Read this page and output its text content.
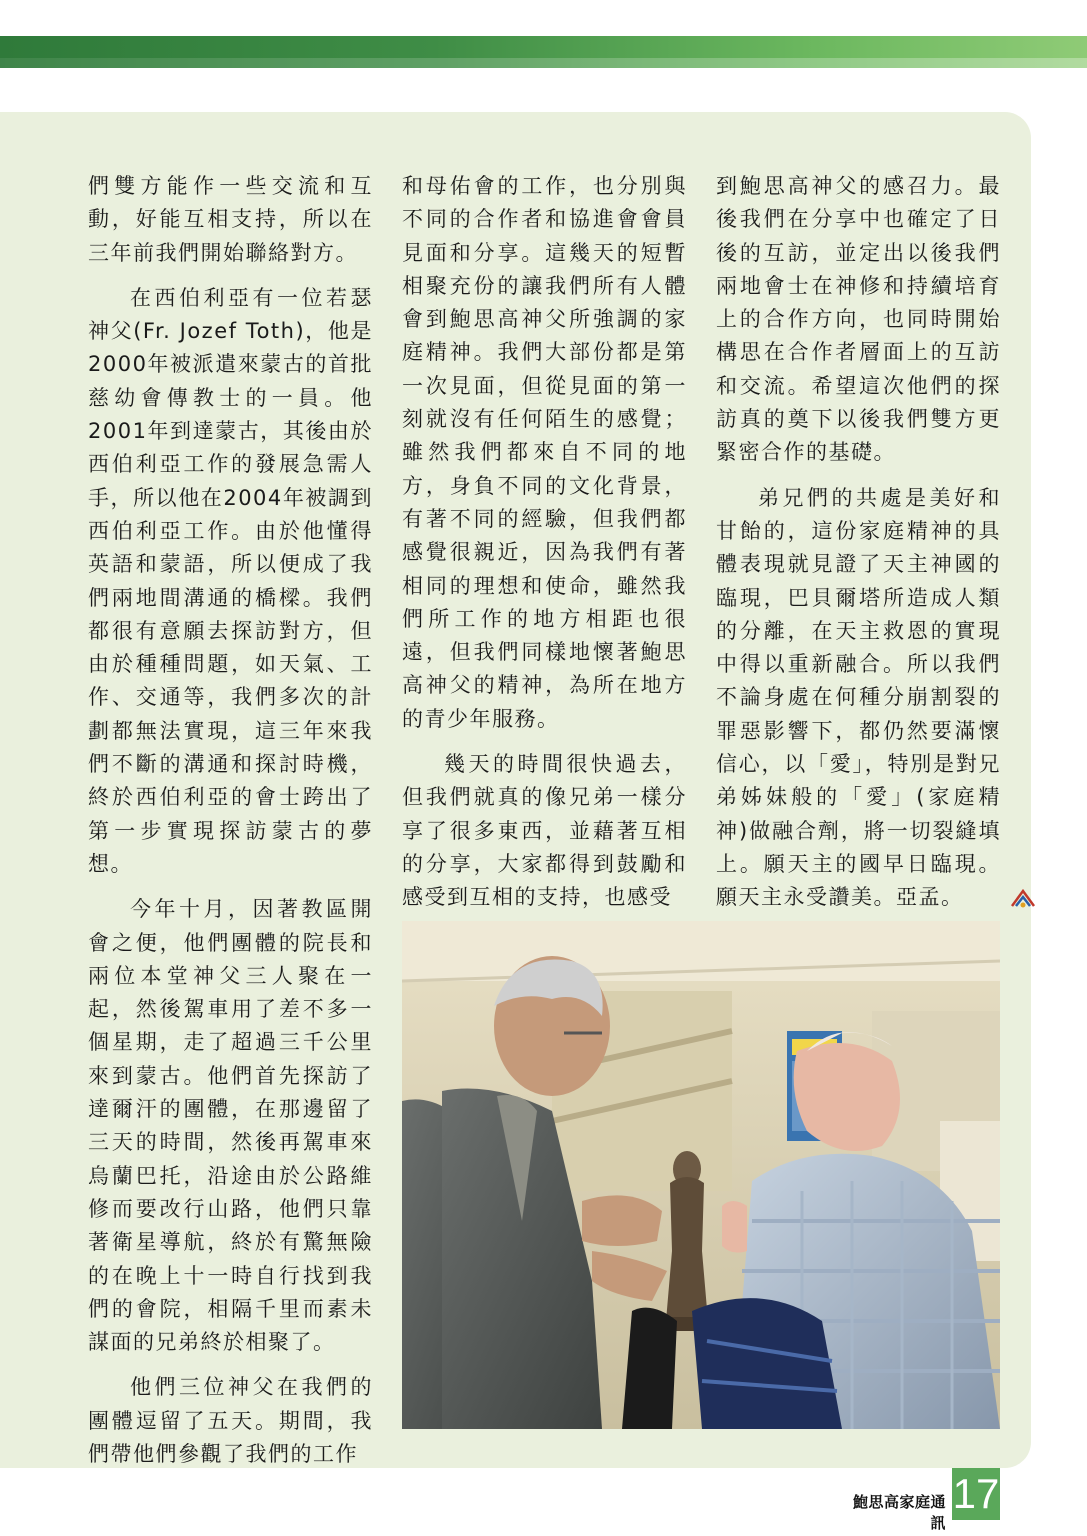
們雙方能作一些交流和互動，好能互相支持，所以在三年前我們開始聯絡對方。

在西伯利亞有一位若瑟神父(Fr. Jozef Toth)，他是2000年被派遣來蒙古的首批慈幼會傳教士的一員。他2001年到達蒙古，其後由於西伯利亞工作的發展急需人手，所以他在2004年被調到西伯利亞工作。由於他懂得英語和蒙語，所以便成了我們兩地間溝通的橋樑。我們都很有意願去探訪對方，但由於種種問題，如天氣、工作、交通等，我們多次的計劃都無法實現，這三年來我們不斷的溝通和探討時機，終於西伯利亞的會士跨出了第一步實現探訪蒙古的夢想。

今年十月，因著教區開會之便，他們團體的院長和兩位本堂神父三人聚在一起，然後駕車用了差不多一個星期，走了超過三千公里來到蒙古。他們首先探訪了達爾汗的團體，在那邊留了三天的時間，然後再駕車來烏蘭巴托，沿途由於公路維修而要改行山路，他們只靠著衛星導航，終於有驚無險的在晚上十一時自行找到我們的會院，相隔千里而素未謀面的兄弟終於相聚了。

他們三位神父在我們的團體逗留了五天。期間，我們帶他們參觀了我們的工作

和母佑會的工作，也分別與不同的合作者和協進會會員見面和分享。這幾天的短暫相聚充份的讓我們所有人體會到鮑思高神父所強調的家庭精神。我們大部份都是第一次見面，但從見面的第一刻就沒有任何陌生的感覺；雖然我們都來自不同的地方，身負不同的文化背景，有著不同的經驗，但我們都感覺很親近，因為我們有著相同的理想和使命，雖然我們所工作的地方相距也很遠，但我們同樣地懷著鮑思高神父的精神，為所在地方的青少年服務。

幾天的時間很快過去，但我們就真的像兄弟一樣分享了很多東西，並藉著互相的分享，大家都得到鼓勵和感受到互相的支持，也感受

到鮑思高神父的感召力。最後我們在分享中也確定了日後的互訪，並定出以後我們兩地會士在神修和持續培育上的合作方向，也同時開始構思在合作者層面上的互訪和交流。希望這次他們的探訪真的奠下以後我們雙方更緊密合作的基礎。

弟兄們的共處是美好和甘飴的，這份家庭精神的具體表現就見證了天主神國的臨現，巴貝爾塔所造成人類的分離，在天主救恩的實現中得以重新融合。所以我們不論身處在何種分崩割裂的罪惡影響下，都仍然要滿懷信心，以「愛」，特別是對兄弟姊妹般的「愛」(家庭精神)做融合劑，將一切裂縫填上。願天主的國早日臨現。願天主永受讚美。亞孟。

鮑思高家庭通訊
17
